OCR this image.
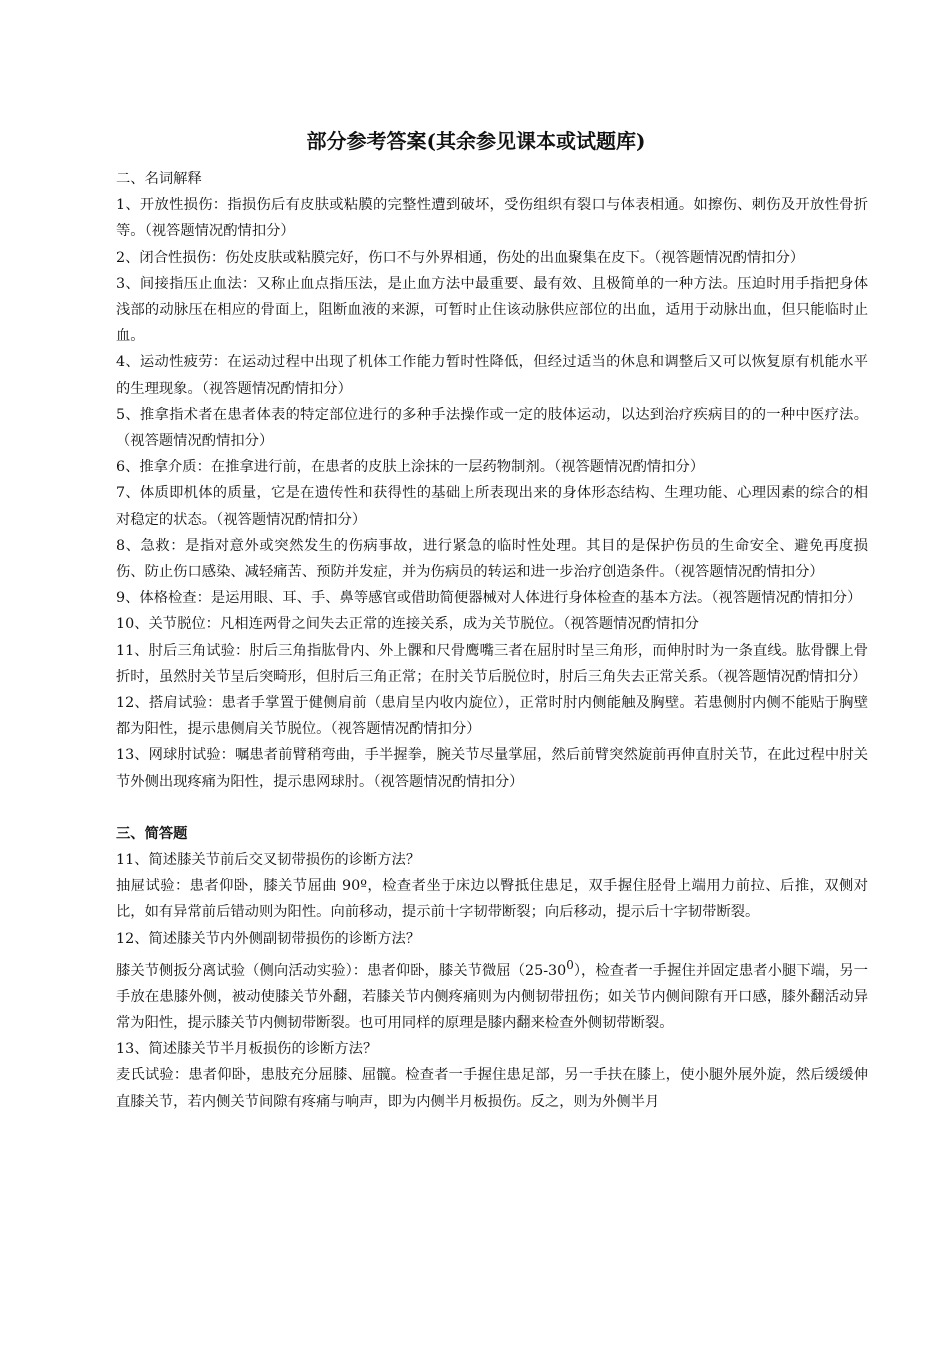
部分参考答案(其余参见课本或试题库)

二、名词解释

1、开放性损伤：指损伤后有皮肤或粘膜的完整性遭到破坏，受伤组织有裂口与体表相通。如擦伤、刺伤及开放性骨折等。（视答题情况酌情扣分）

2、闭合性损伤：伤处皮肤或粘膜完好，伤口不与外界相通，伤处的出血聚集在皮下。（视答题情况酌情扣分）

3、间接指压止血法：又称止血点指压法，是止血方法中最重要、最有效、且极简单的一种方法。压迫时用手指把身体浅部的动脉压在相应的骨面上，阻断血液的来源，可暂时止住该动脉供应部位的出血，适用于动脉出血，但只能临时止血。

4、运动性疲劳：在运动过程中出现了机体工作能力暂时性降低，但经过适当的休息和调整后又可以恢复原有机能水平的生理现象。（视答题情况酌情扣分）

5、推拿指术者在患者体表的特定部位进行的多种手法操作或一定的肢体运动，以达到治疗疾病目的的一种中医疗法。（视答题情况酌情扣分）

6、推拿介质：在推拿进行前，在患者的皮肤上涂抹的一层药物制剂。（视答题情况酌情扣分）

7、体质即机体的质量，它是在遗传性和获得性的基础上所表现出来的身体形态结构、生理功能、心理因素的综合的相对稳定的状态。（视答题情况酌情扣分）

8、急救：是指对意外或突然发生的伤病事故，进行紧急的临时性处理。其目的是保护伤员的生命安全、避免再度损伤、防止伤口感染、减轻痛苦、预防并发症，并为伤病员的转运和进一步治疗创造条件。（视答题情况酌情扣分）

9、体格检查：是运用眼、耳、手、鼻等感官或借助简便器械对人体进行身体检查的基本方法。（视答题情况酌情扣分）

10、关节脱位：凡相连两骨之间失去正常的连接关系，成为关节脱位。（视答题情况酌情扣分

11、肘后三角试验：肘后三角指肱骨内、外上髁和尺骨鹰嘴三者在屈肘时呈三角形，而伸肘时为一条直线。肱骨髁上骨折时，虽然肘关节呈后突畸形，但肘后三角正常；在肘关节后脱位时，肘后三角失去正常关系。（视答题情况酌情扣分）

12、搭肩试验：患者手掌置于健侧肩前（患肩呈内收内旋位），正常时肘内侧能触及胸壁。若患侧肘内侧不能贴于胸壁都为阳性，提示患侧肩关节脱位。（视答题情况酌情扣分）

13、网球肘试验：嘱患者前臂稍弯曲，手半握拳，腕关节尽量掌屈，然后前臂突然旋前再伸直肘关节，在此过程中肘关节外侧出现疼痛为阳性，提示患网球肘。（视答题情况酌情扣分）

三、简答题

11、简述膝关节前后交叉韧带损伤的诊断方法？

抽屉试验：患者仰卧，膝关节屈曲 90º，检查者坐于床边以臀抵住患足，双手握住胫骨上端用力前拉、后推，双侧对比，如有异常前后错动则为阳性。向前移动，提示前十字韧带断裂；向后移动，提示后十字韧带断裂。

12、简述膝关节内外侧副韧带损伤的诊断方法？

膝关节侧扳分离试验（侧向活动实验）：患者仰卧，膝关节微屈$(25-30^0)$，检查者一手握住并固定患者小腿下端，另一手放在患膝外侧，被动使膝关节外翻，若膝关节内侧疼痛则为内侧韧带扭伤；如关节内侧间隙有开口感，膝外翻活动异常为阳性，提示膝关节内侧韧带断裂。也可用同样的原理是膝内翻来检查外侧韧带断裂。

13、简述膝关节半月板损伤的诊断方法？

麦氏试验：患者仰卧，患肢充分屈膝、屈髋。检查者一手握住患足部，另一手扶在膝上，使小腿外展外旋，然后缓缓伸直膝关节，若内侧关节间隙有疼痛与响声，即为内侧半月板损伤。反之，则为外侧半月
